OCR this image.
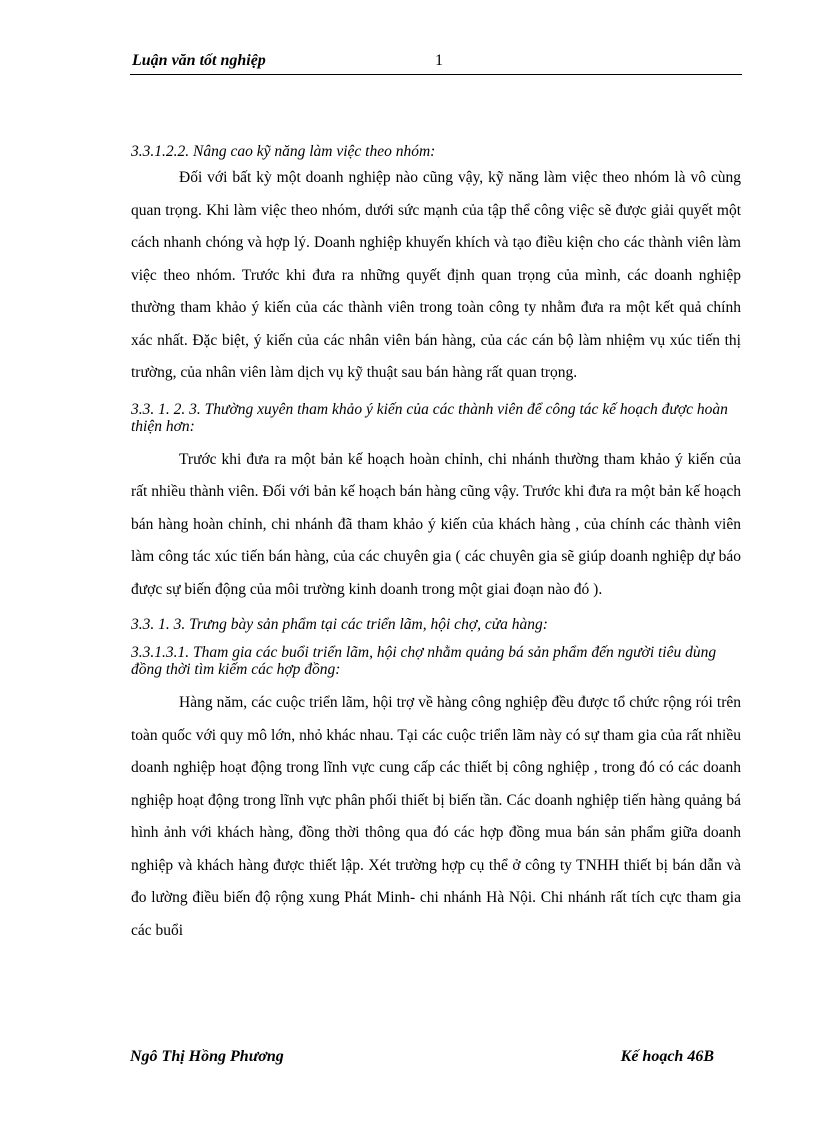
Luận văn tốt nghiệp	1

3.3.1.2.2. Nâng cao kỹ năng làm việc theo nhóm:

Đối với bất kỳ một doanh nghiệp nào cũng vậy, kỹ năng làm việc theo nhóm là vô cùng quan trọng. Khi làm việc theo nhóm, dưới sức mạnh của tập thể công việc sẽ được giải quyết một cách nhanh chóng và hợp lý. Doanh nghiệp khuyến khích và tạo điều kiện cho các thành viên làm việc theo nhóm. Trước khi đưa ra những quyết định quan trọng của mình, các doanh nghiệp thường tham khảo ý kiến của các thành viên trong toàn công ty nhằm đưa ra một kết quả chính xác nhất. Đặc biệt, ý kiến của các nhân viên bán hàng, của các cán bộ làm nhiệm vụ xúc tiến thị trường, của nhân viên làm dịch vụ kỹ thuật sau bán hàng rất quan trọng.

3.3. 1. 2. 3. Thường xuyên tham khảo ý kiến của các thành viên để công tác kế hoạch được hoàn thiện hơn:

Trước khi đưa ra một bản kế hoạch hoàn chỉnh, chi nhánh thường tham khảo ý kiến của rất nhiều thành viên. Đối với bản kế hoạch bán hàng cũng vậy. Trước khi đưa ra một bản kế hoạch bán hàng hoàn chỉnh, chi nhánh đã tham khảo ý kiến của khách hàng , của chính các thành viên làm công tác xúc tiến bán hàng, của các chuyên gia ( các chuyên gia sẽ giúp doanh nghiệp dự báo được sự biến động của môi trường kinh doanh trong một giai đoạn nào đó ).

3.3. 1. 3. Trưng bày sản phẩm tại các triển lãm, hội chợ, cửa hàng:

3.3.1.3.1. Tham gia các buổi triển lãm, hội chợ nhằm quảng bá sản phẩm đến người tiêu dùng đồng thời tìm kiếm các hợp đồng:

Hàng năm, các cuộc triển lãm, hội trợ về hàng công nghiệp đều được tổ chức rộng rói trên toàn quốc với quy mô lớn, nhỏ khác nhau. Tại các cuộc triển lãm này có sự tham gia của rất nhiều doanh nghiệp hoạt động trong lĩnh vực cung cấp các thiết bị công nghiệp , trong đó có các doanh nghiệp hoạt động trong lĩnh vực phân phối thiết bị biến tần. Các doanh nghiệp tiến hàng quảng bá hình ảnh với khách hàng, đồng thời thông qua đó các hợp đồng mua bán sản phẩm giữa doanh nghiệp và khách hàng được thiết lập. Xét trường hợp cụ thể ở công ty TNHH thiết bị bán dẫn và đo lường điều biến độ rộng xung Phát Minh- chi nhánh Hà Nội. Chi nhánh rất tích cực tham gia các buổi

Ngô Thị Hồng Phương	Kế hoạch 46B
